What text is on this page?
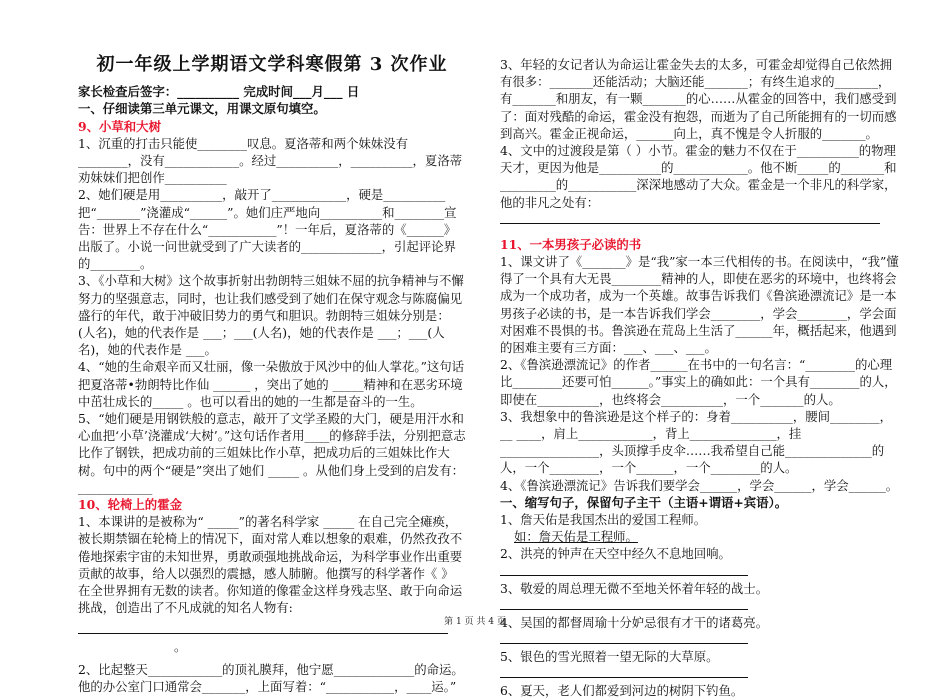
初一年级上学期语文学科寒假第 3 次作业

家长检查后签字：__________ 完成时间___月___ 日

一、仔细读第三单元课文，用课文原句填空。

9、小草和大树

1、沉重的打击只能使________叹息。夏洛蒂和两个妹妹没有________，没有____________。经过__________，__________，夏洛蒂劝妹妹们把创作__________

2、她们硬是用__________，敲开了____________，硬是__________把“_______”浇灌成“______”。她们庄严地向__________和________宣告：世界上不存在什么“___________”！一年后，夏洛蒂的《______》出版了。小说一问世就受到了广大读者的_____________，引起评论界的________。

3、《小草和大树》这个故事折射出勃朗特三姐妹不屈的抗争精神与不懈努力的坚强意志，同时，也让我们感受到了她们在保守观念与陈腐偏见盛行的年代，敢于冲破旧势力的勇气和胆识。勃朗特三姐妹分别是：(人名)，她的代表作是 ___；___(人名)，她的代表作是 ___；___(人名)，她的代表作是 ___。

4、“她的生命艰辛而又壮丽，像一朵傲放于风沙中的仙人掌花。”这句话把夏洛蒂•勃朗特比作仙 ______ ，突出了她的 _____精神和在恶劣环境中茁壮成长的_____ 。也可以看出的她的一生都是奋斗的一生。

5、“她们硬是用钢铁般的意志，敲开了文学圣殿的大门，硬是用汗水和心血把‘小草’浇灌成‘大树’。”这句话作者用____的修辞手法，分别把意志比作了钢铁，把成功前的三姐妹比作小草，把成功后的三姐妹比作大树。句中的两个“硬是”突出了她们 _____ 。从他们身上受到的启发有：____________

10、轮椅上的霍金

1、本课讲的是被称为“ _____”的著名科学家 _____ 在自己完全瘫痪，被长期禁锢在轮椅上的情况下，面对常人难以想象的艰难，仍然孜孜不倦地探索宇宙的未知世界，勇敢顽强地挑战命运，为科学事业作出重要贡献的故事，给人以强烈的震撼，感人肺腑。他撰写的科学著作《 》在全世界拥有无数的读者。你知道的像霍金这样身残志坚、敢于向命运挑战，创造出了不凡成就的知名人物有:

。

2、比起整天____________的顶礼膜拜，他宁愿_____________的命运。他的办公室门口通常会_______，上面写着：“___________，____运。”

3、年轻的女记者认为命运让霍金失去的太多，可霍金却觉得自己依然拥有很多：_______还能活动；大脑还能_______；有终生追求的_______，有_______和朋友，有一颗_______的心……从霍金的回答中，我们感受到了：面对残酷的命运，霍金没有抱怨，而逝为了自己所能拥有的一切而感到高兴。霍金正视命运，______向上，真不愧是令人折服的_______。

4、文中的过渡段是第（ ）小节。霍金的魅力不仅在于__________的物理天才，更因为他是__________的____________。他不断_____的_______和_________的___________深深地感动了大众。霍金是一个非凡的科学家，他的非凡之处有：

11、一本男孩子必读的书

1、课文讲了《_______》是“我”家一本三代相传的书。在阅读中，“我”懂得了一个具有大无畏________精神的人，即使在恶劣的环境中，也终将会成为一个成功者，成为一个英雄。故事告诉我们《鲁滨逊漂流记》是一本男孩子必读的书，是一本告诉我们学会________，学会________，学会面对困难不畏惧的书。鲁滨逊在荒岛上生活了______年，概括起来，他遇到的困难主要有三方面：___、___、___。

2、《鲁滨逊漂流记》的作者______在书中的一句名言：“________的心理比________还要可怕______。”事实上的确如此：一个具有________的人，即使在__________，也终将会__________，一个_______的人。

3、我想象中的鲁滨逊是这个样子的：身着__________，腰间________，__ ____，肩上____________，背上______________，挂________________，头顶撑手皮伞……我希望自己能______________的人，一个________，一个______，一个________的人。

4、《鲁滨逊漂流记》告诉我们要学会______，学会______，学会______。

一、缩写句子，保留句子主干（主语+谓语+宾语）。

1、詹天佑是我国杰出的爱国工程师。

如：詹天佑是工程师。

2、洪亮的钟声在天空中经久不息地回响。

3、敬爱的周总理无微不至地关怀着年轻的战士。

4、吴国的都督周瑜十分妒忌很有才干的诸葛亮。

5、银色的雪光照着一望无际的大草原。

6、夏天，老人们都爱到河边的树阴下钓鱼。

第 1 页 共 4 页
